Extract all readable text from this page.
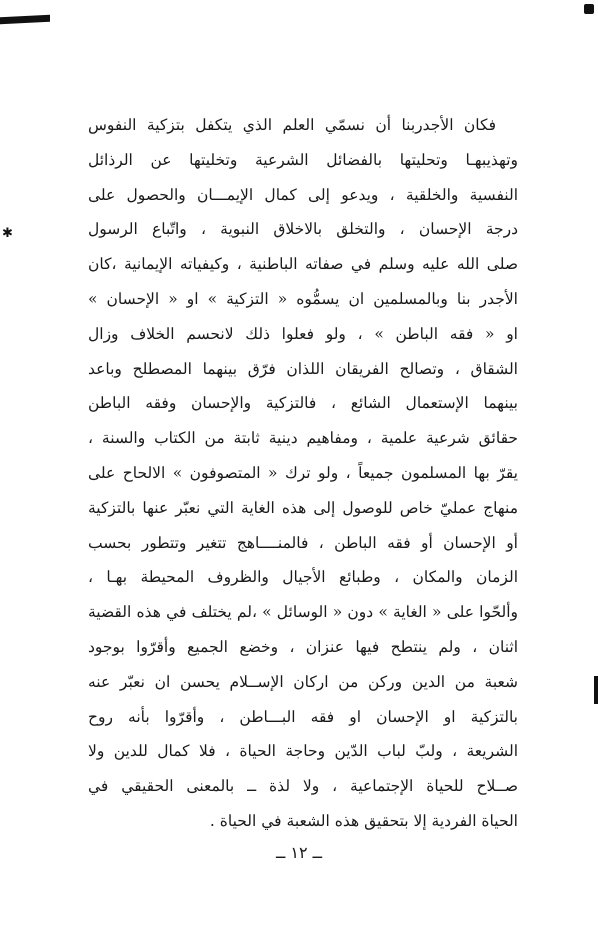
✱
فكان الأجدربنا أن نسمّي العلم الذي يتكفل بتزكية النفوس
وتهذيبهـا وتحليتها بالفضائل الشرعية وتخليتها عن الرذائل
النفسية والخلقية ، ويدعو إلى كمال الإيمـــان والحصول على
درجة الإحسان ، والتخلق بالاخلاق النبوية ، واتّباع الرسول
صلى الله عليه وسلم في صفاته الباطنية ، وكيفياته الإيمانية ،كان
الأجدر بنا وبالمسلمين ان يسمُّوه « التزكية » او « الإحسان »
او « فقه الباطن » ، ولو فعلوا ذلك لانحسم الخلاف وزال
الشقاق ، وتصالح الفريقان اللذان فرّق بينهما المصطلح وباعد
بينهما الإستعمال الشائع ، فالتزكية والإحسان وفقه الباطن
حقائق شرعية علمية ، ومفاهيم دينية ثابتة من الكتاب والسنة ،
يقرّ بها المسلمون جميعاً ، ولو ترك « المتصوفون » الالحاح على
منهاج عمليّ خاص للوصول إلى هذه الغاية التي نعبّر عنها بالتزكية
أو الإحسان أو فقه الباطن ، فالمنــــاهج تتغير وتتطور بحسب
الزمان والمكان ، وطبائع الأجيال والظروف المحيطة بهـا ،
وألحّوا على « الغاية » دون « الوسائل » ،لم يختلف في هذه القضية
اثنان ، ولم ينتطح فيها عنزان ، وخضع الجميع وأقرّوا بوجود
شعبة من الدين وركن من اركان الإســلام يحسن ان نعبّر عنه
بالتزكية او الإحسان او فقه البـــاطن ، وأقرّوا بأنه روح
الشريعة ، ولبّ لباب الدّين وحاجة الحياة ، فلا كمال للدين ولا
صــلاح للحياة الإجتماعية ، ولا لذة ــ بالمعنى الحقيقي في
الحياة الفردية إلا بتحقيق هذه الشعبة في الحياة .
ــ ١٢ ــ
